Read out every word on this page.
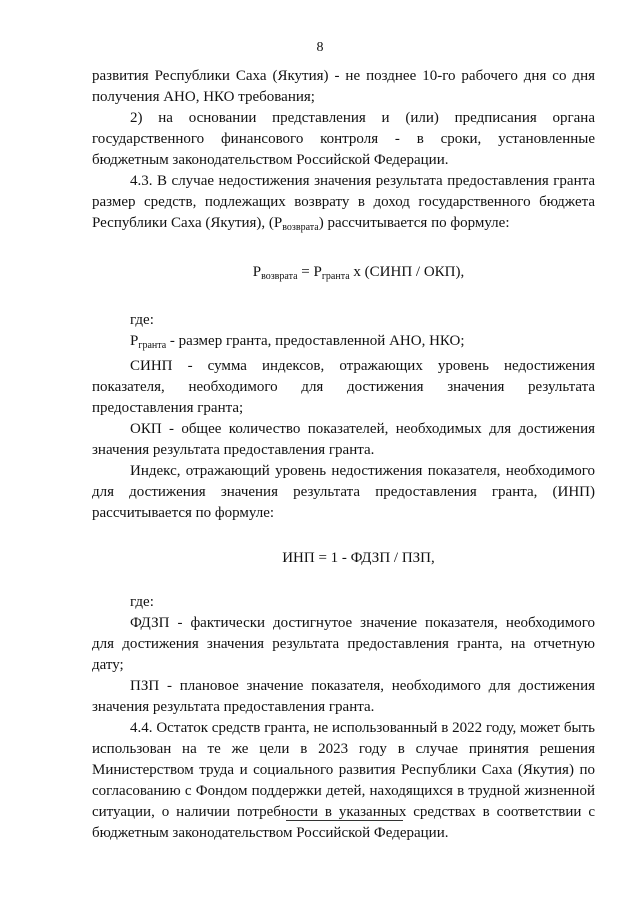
8

развития Республики Саха (Якутия) - не позднее 10-го рабочего дня со дня получения АНО, НКО требования;

2) на основании представления и (или) предписания органа государственного финансового контроля - в сроки, установленные бюджетным законодательством Российской Федерации.

4.3. В случае недостижения значения результата предоставления гранта размер средств, подлежащих возврату в доход государственного бюджета Республики Саха (Якутия), $(P_{возврата})$ рассчитывается по формуле:

$P_{возврата} = P_{гранта}$ x (СИНП / ОКП),

где:

$P_{гранта}$ - размер гранта, предоставленной АНО, НКО;

СИНП - сумма индексов, отражающих уровень недостижения показателя, необходимого для достижения значения результата предоставления гранта;

ОКП - общее количество показателей, необходимых для достижения значения результата предоставления гранта.

Индекс, отражающий уровень недостижения показателя, необходимого для достижения значения результата предоставления гранта, (ИНП) рассчитывается по формуле:

ИНП = 1 - ФДЗП / ПЗП,

где:

ФДЗП - фактически достигнутое значение показателя, необходимого для достижения значения результата предоставления гранта, на отчетную дату;

ПЗП - плановое значение показателя, необходимого для достижения значения результата предоставления гранта.

4.4. Остаток средств гранта, не использованный в 2022 году, может быть использован на те же цели в 2023 году в случае принятия решения Министерством труда и социального развития Республики Саха (Якутия) по согласованию с Фондом поддержки детей, находящихся в трудной жизненной ситуации, о наличии потребности в указанных средствах в соответствии с бюджетным законодательством Российской Федерации.
